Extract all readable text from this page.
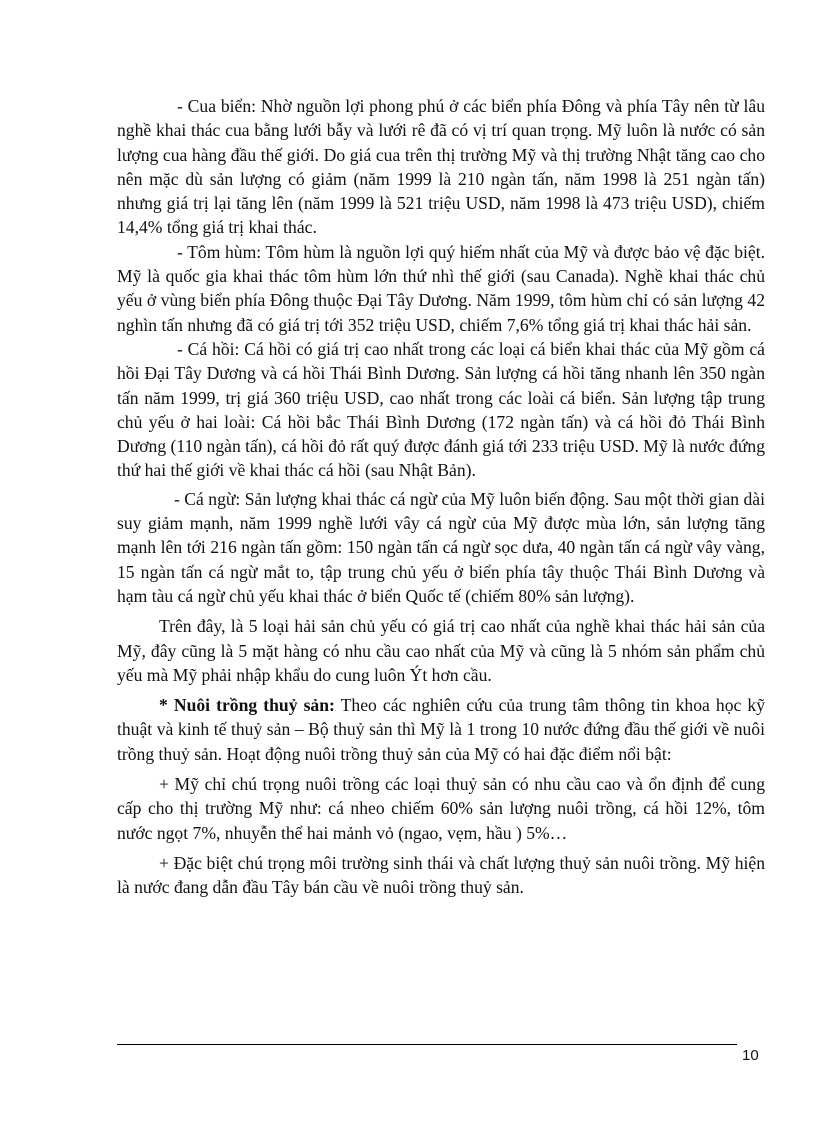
- Cua biển: Nhờ nguồn lợi phong phú ở các biển phía Đông và phía Tây nên từ lâu nghề khai thác cua bằng lưới bẫy và lưới rê đã có vị trí quan trọng. Mỹ luôn là nước có sản lượng cua hàng đầu thế giới. Do giá cua trên thị trường Mỹ và thị trường Nhật tăng cao cho nên mặc dù sản lượng có giảm (năm 1999 là 210 ngàn tấn, năm 1998 là 251 ngàn tấn) nhưng giá trị lại tăng lên (năm 1999 là 521 triệu USD, năm 1998 là 473 triệu USD), chiếm 14,4% tổng giá trị khai thác.

- Tôm hùm: Tôm hùm là nguồn lợi quý hiếm nhất của Mỹ và được bảo vệ đặc biệt. Mỹ là quốc gia khai thác tôm hùm lớn thứ nhì thế giới (sau Canada). Nghề khai thác chủ yếu ở vùng biển phía Đông thuộc Đại Tây Dương. Năm 1999, tôm hùm chỉ có sản lượng 42 nghìn tấn nhưng đã có giá trị tới 352 triệu USD, chiếm 7,6% tổng giá trị khai thác hải sản.

- Cá hồi: Cá hồi có giá trị cao nhất trong các loại cá biển khai thác của Mỹ gồm cá hồi Đại Tây Dương và cá hồi Thái Bình Dương. Sản lượng cá hồi tăng nhanh lên 350 ngàn tấn năm 1999, trị giá 360 triệu USD, cao nhất trong các loài cá biển. Sản lượng tập trung chủ yếu ở hai loài: Cá hồi bắc Thái Bình Dương (172 ngàn tấn) và cá hồi đỏ Thái Bình Dương (110 ngàn tấn), cá hồi đỏ rất quý được đánh giá tới 233 triệu USD. Mỹ là nước đứng thứ hai thế giới về khai thác cá hồi (sau Nhật Bản).

- Cá ngừ: Sản lượng khai thác cá ngừ của Mỹ luôn biến động. Sau một thời gian dài suy giảm mạnh, năm 1999 nghề lưới vây cá ngừ của Mỹ được mùa lớn, sản lượng tăng mạnh lên tới 216 ngàn tấn gồm: 150 ngàn tấn cá ngừ sọc dưa, 40 ngàn tấn cá ngừ vây vàng, 15 ngàn tấn cá ngừ mắt to, tập trung chủ yếu ở biển phía tây thuộc Thái Bình Dương và hạm tàu cá ngừ chủ yếu khai thác ở biển Quốc tế (chiếm 80% sản lượng).

Trên đây, là 5 loại hải sản chủ yếu có giá trị cao nhất của nghề khai thác hải sản của Mỹ, đây cũng là 5 mặt hàng có nhu cầu cao nhất của Mỹ và cũng là 5 nhóm sản phẩm chủ yếu mà Mỹ phải nhập khẩu do cung luôn Ýt hơn cầu.

* Nuôi trồng thuỷ sản: Theo các nghiên cứu của trung tâm thông tin khoa học kỹ thuật và kinh tế thuỷ sản – Bộ thuỷ sản thì Mỹ là 1 trong 10 nước đứng đầu thế giới về nuôi trồng thuỷ sản. Hoạt động nuôi trồng thuỷ sản của Mỹ có hai đặc điểm nổi bật:

+ Mỹ chỉ chú trọng nuôi trồng các loại thuỷ sản có nhu cầu cao và ổn định để cung cấp cho thị trường Mỹ như: cá nheo chiếm 60% sản lượng nuôi trồng, cá hồi 12%, tôm nước ngọt 7%, nhuyễn thể hai mảnh vỏ (ngao, vẹm, hầu ) 5%…

+ Đặc biệt chú trọng môi trường sinh thái và chất lượng thuỷ sản nuôi trồng. Mỹ hiện là nước đang dẫn đầu Tây bán cầu về nuôi trồng thuỷ sản.

10
